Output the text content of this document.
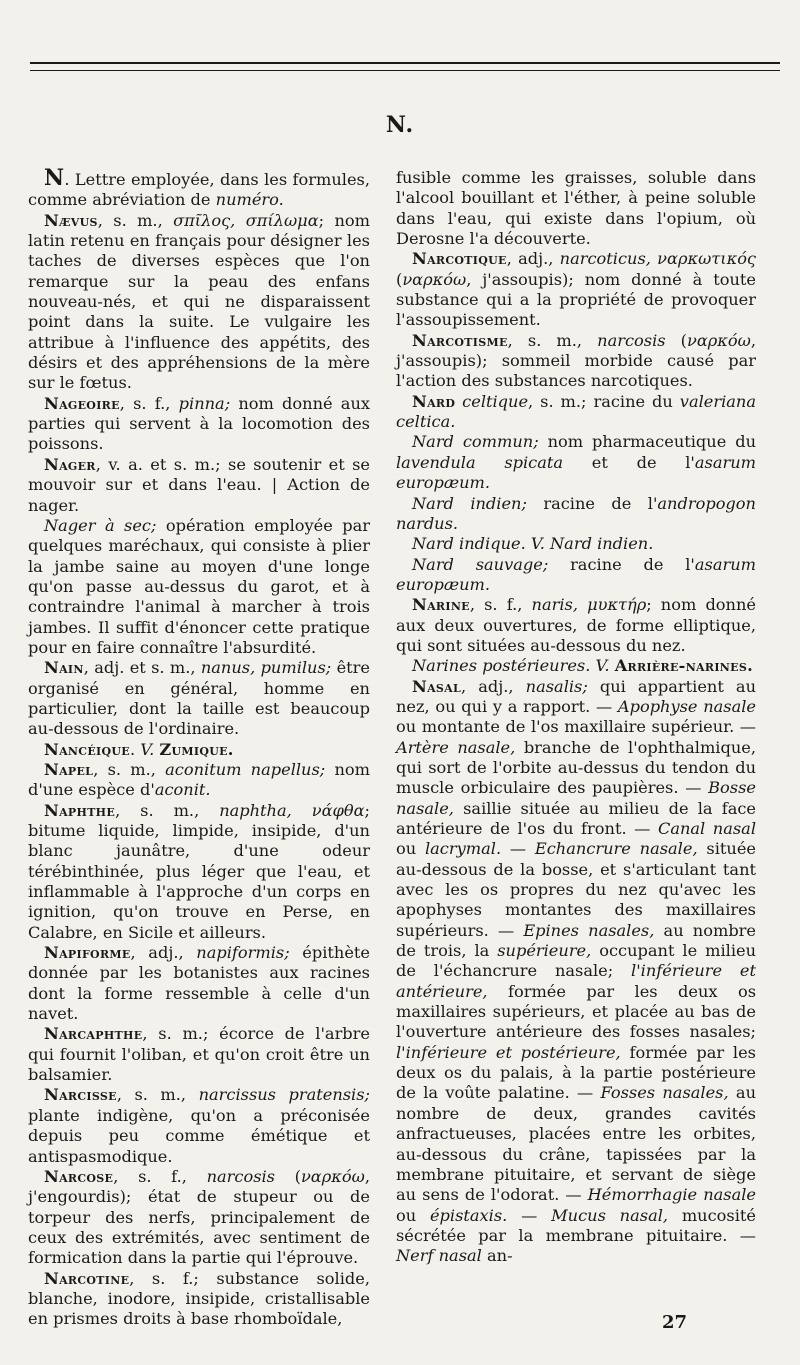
N.

N. Lettre employée, dans les formules, comme abréviation de numéro.

Nævus, s. m., σπῖλος, σπίλωμα; nom latin retenu en français pour désigner les taches de diverses espèces que l'on remarque sur la peau des enfans nouveau-nés, et qui ne disparaissent point dans la suite. Le vulgaire les attribue à l'influence des appétits, des désirs et des appréhensions de la mère sur le fœtus.

Nageoire, s. f., pinna; nom donné aux parties qui servent à la locomotion des poissons.

Nager, v. a. et s. m.; se soutenir et se mouvoir sur et dans l'eau. | Action de nager.

Nager à sec; opération employée par quelques maréchaux, qui consiste à plier la jambe saine au moyen d'une longe qu'on passe au-dessus du garot, et à contraindre l'animal à marcher à trois jambes. Il suffit d'énoncer cette pratique pour en faire connaître l'absurdité.

Nain, adj. et s. m., nanus, pumilus; être organisé en général, homme en particulier, dont la taille est beaucoup au-dessous de l'ordinaire.

Nancéique. V. Zumique.

Napel, s. m., aconitum napellus; nom d'une espèce d'aconit.

Naphthe, s. m., naphtha, νάφθα; bitume liquide, limpide, insipide, d'un blanc jaunâtre, d'une odeur térébinthinée, plus léger que l'eau, et inflammable à l'approche d'un corps en ignition, qu'on trouve en Perse, en Calabre, en Sicile et ailleurs.

Napiforme, adj., napiformis; épithète donnée par les botanistes aux racines dont la forme ressemble à celle d'un navet.

Narcaphthe, s. m.; écorce de l'arbre qui fournit l'oliban, et qu'on croit être un balsamier.

Narcisse, s. m., narcissus pratensis; plante indigène, qu'on a préconisée depuis peu comme émétique et antispasmodique.

Narcose, s. f., narcosis (ναρκόω, j'engourdis); état de stupeur ou de torpeur des nerfs, principalement de ceux des extrémités, avec sentiment de formication dans la partie qui l'éprouve.

Narcotine, s. f.; substance solide, blanche, inodore, insipide, cristallisable en prismes droits à base rhomboïdale,

fusible comme les graisses, soluble dans l'alcool bouillant et l'éther, à peine soluble dans l'eau, qui existe dans l'opium, où Derosne l'a découverte.

Narcotique, adj., narcoticus, ναρκωτικός (ναρκόω, j'assoupis); nom donné à toute substance qui a la propriété de provoquer l'assoupissement.

Narcotisme, s. m., narcosis (ναρκόω, j'assoupis); sommeil morbide causé par l'action des substances narcotiques.

Nard celtique, s. m.; racine du valeriana celtica.

Nard commun; nom pharmaceutique du lavendula spicata et de l'asarum europæum.

Nard indien; racine de l'andropogon nardus.

Nard indique. V. Nard indien.

Nard sauvage; racine de l'asarum europæum.

Narine, s. f., naris, μυκτήρ; nom donné aux deux ouvertures, de forme elliptique, qui sont situées au-dessous du nez.

Narines postérieures. V. Arrière-narines.

Nasal, adj., nasalis; qui appartient au nez, ou qui y a rapport. — Apophyse nasale ou montante de l'os maxillaire supérieur. — Artère nasale, branche de l'ophthalmique, qui sort de l'orbite au-dessus du tendon du muscle orbiculaire des paupières. — Bosse nasale, saillie située au milieu de la face antérieure de l'os du front. — Canal nasal ou lacrymal. — Echancrure nasale, située au-dessous de la bosse, et s'articulant tant avec les os propres du nez qu'avec les apophyses montantes des maxillaires supérieurs. — Epines nasales, au nombre de trois, la supérieure, occupant le milieu de l'échancrure nasale; l'inférieure et antérieure, formée par les deux os maxillaires supérieurs, et placée au bas de l'ouverture antérieure des fosses nasales; l'inférieure et postérieure, formée par les deux os du palais, à la partie postérieure de la voûte palatine. — Fosses nasales, au nombre de deux, grandes cavités anfractueuses, placées entre les orbites, au-dessous du crâne, tapissées par la membrane pituitaire, et servant de siège au sens de l'odorat. — Hémorrhagie nasale ou épistaxis. — Mucus nasal, mucosité sécrétée par la membrane pituitaire. — Nerf nasal an-

27
